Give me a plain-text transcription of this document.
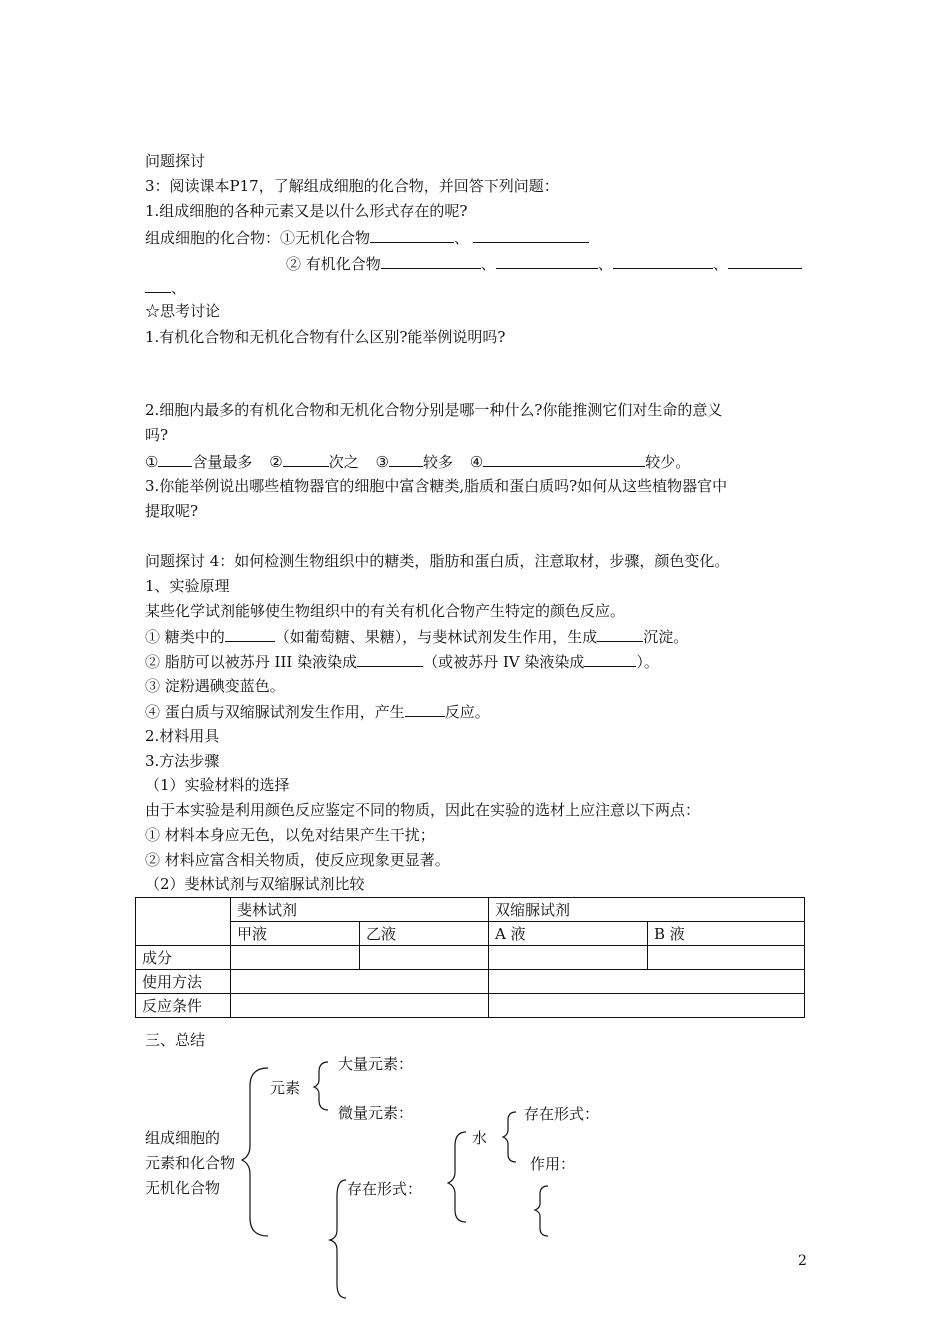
问题探讨
3：阅读课本P17，了解组成细胞的化合物，并回答下列问题：
1.组成细胞的各种元素又是以什么形式存在的呢?
组成细胞的化合物：①无机化合物	、
② 有机化合物	、	、	、
、
☆思考讨论
1.有机化合物和无机化合物有什么区别?能举例说明吗?
2.细胞内最多的有机化合物和无机化合物分别是哪一种什么?你能推测它们对生命的意义
吗?
① 含量最多 ②	次之 ③ 较多 ④	较少。
3.你能举例说出哪些植物器官的细胞中富含糖类,脂质和蛋白质吗?如何从这些植物器官中
提取呢?
问题探讨 4：如何检测生物组织中的糖类，脂肪和蛋白质，注意取材，步骤，颜色变化。
1、实验原理
某些化学试剂能够使生物组织中的有关有机化合物产生特定的颜色反应。
① 糖类中的	（如葡萄糖、果糖），与斐林试剂发生作用，生成	沉淀。
② 脂肪可以被苏丹 III 染液染成	（或被苏丹 IV 染液染成	）。
③ 淀粉遇碘变蓝色。
④ 蛋白质与双缩脲试剂发生作用，产生	反应。
2.材料用具
3.方法步骤
（1）实验材料的选择
由于本实验是利用颜色反应鉴定不同的物质，因此在实验的选材上应注意以下两点：
① 材料本身应无色，以免对结果产生干扰；
② 材料应富含相关物质，使反应现象更显著。
（2）斐林试剂与双缩脲试剂比较
	斐林试剂		双缩脲试剂	
	甲液	乙液	A 液	B 液
成分				
使用方法				
反应条件				
三、总结
组成细胞的
元素和化合物
无机化合物
元素
大量元素：
微量元素：
水
存在形式：
作用：
存在形式：
2
